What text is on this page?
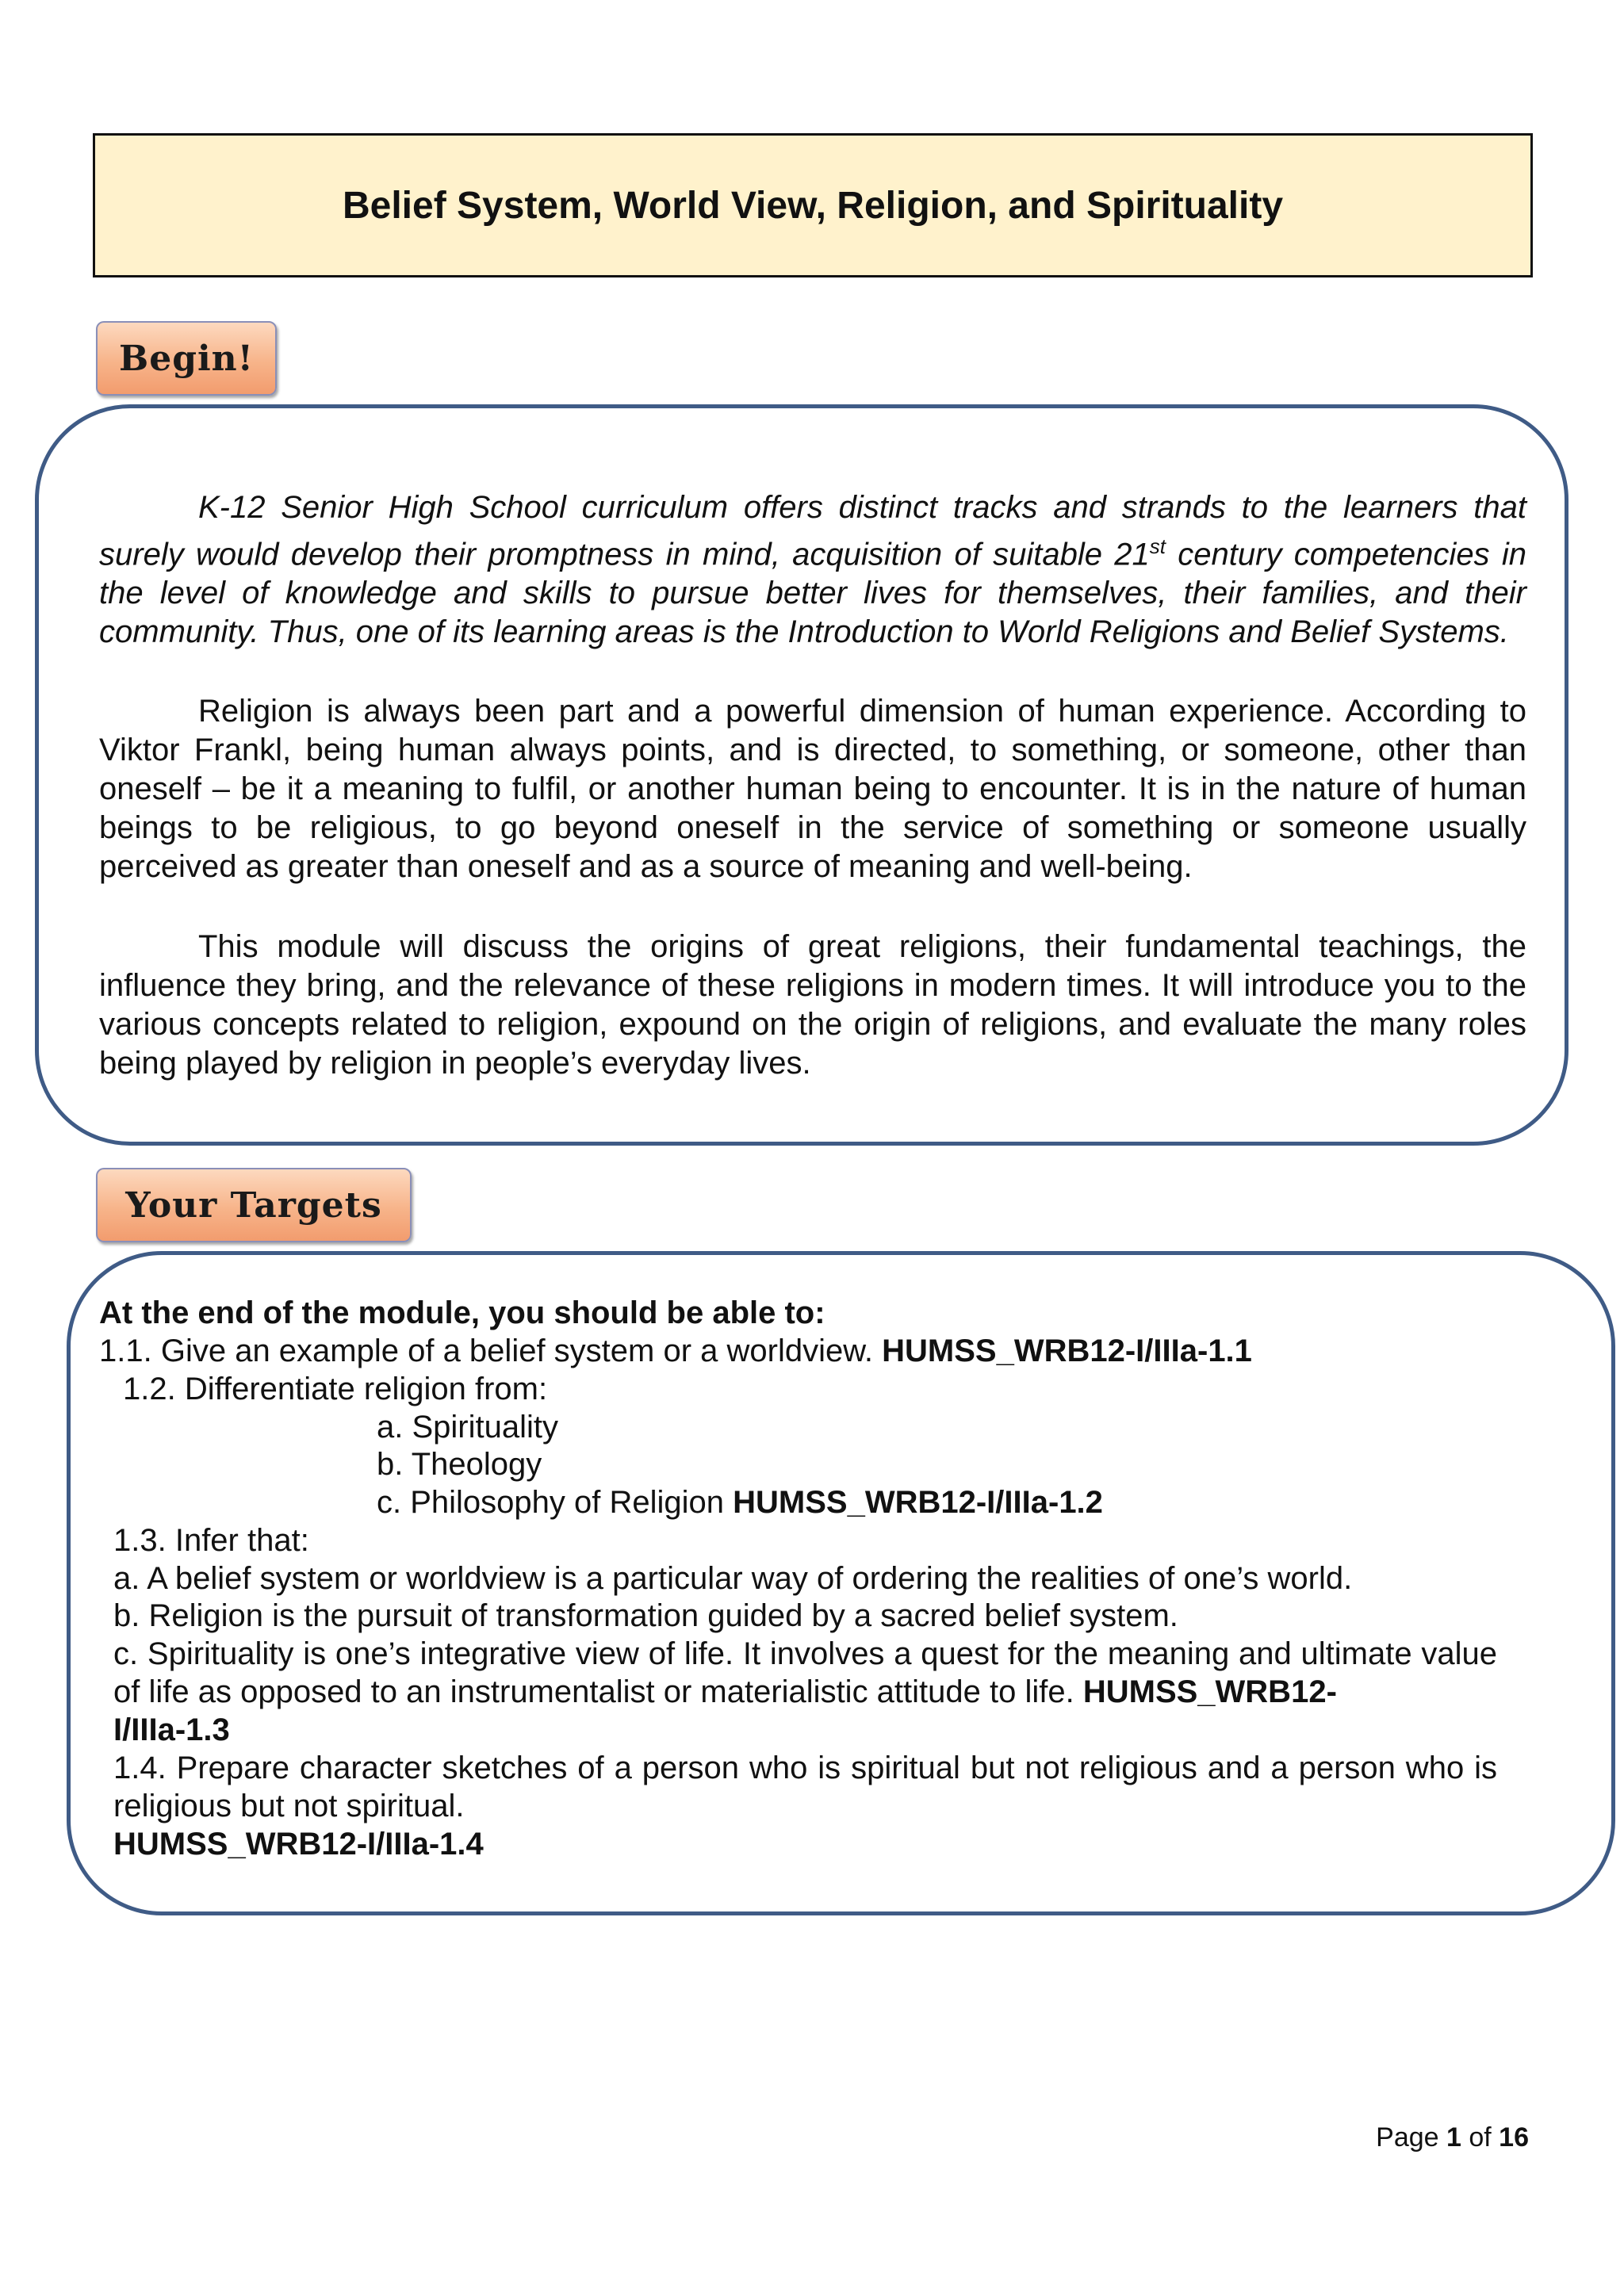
Belief System, World View, Religion, and Spirituality
Begin!

K-12 Senior High School curriculum offers distinct tracks and strands to the learners that surely would develop their promptness in mind, acquisition of suitable 21st century competencies in the level of knowledge and skills to pursue better lives for themselves, their families, and their community. Thus, one of its learning areas is the Introduction to World Religions and Belief Systems.

Religion is always been part and a powerful dimension of human experience. According to Viktor Frankl, being human always points, and is directed, to something, or someone, other than oneself – be it a meaning to fulfil, or another human being to encounter. It is in the nature of human beings to be religious, to go beyond oneself in the service of something or someone usually perceived as greater than oneself and as a source of meaning and well-being.

This module will discuss the origins of great religions, their fundamental teachings, the influence they bring, and the relevance of these religions in modern times. It will introduce you to the various concepts related to religion, expound on the origin of religions, and evaluate the many roles being played by religion in people’s everyday lives.

Your Targets

At the end of the module, you should be able to:

1.1. Give an example of a belief system or a worldview. HUMSS_WRB12-I/IIIa-1.1

1.2. Differentiate religion from:

a. Spirituality

b. Theology

c. Philosophy of Religion HUMSS_WRB12-I/IIIa-1.2

1.3. Infer that:

a. A belief system or worldview is a particular way of ordering the realities of one’s world.

b. Religion is the pursuit of transformation guided by a sacred belief system.

c. Spirituality is one’s integrative view of life. It involves a quest for the meaning and ultimate value of life as opposed to an instrumentalist or materialistic attitude to life. HUMSS_WRB12-
I/IIIa-1.3

1.4. Prepare character sketches of a person who is spiritual but not religious and a person who is religious but not spiritual.

HUMSS_WRB12-I/IIIa-1.4

Page 1 of 16
